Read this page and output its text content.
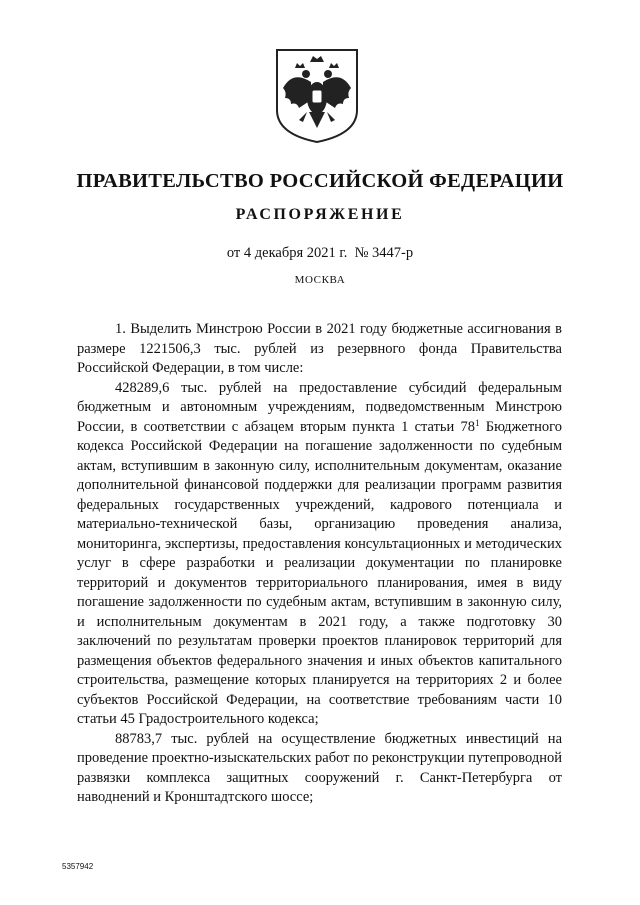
ПРАВИТЕЛЬСТВО РОССИЙСКОЙ ФЕДЕРАЦИИ
РАСПОРЯЖЕНИЕ
от 4 декабря 2021 г. № 3447-р
МОСКВА

1. Выделить Минстрою России в 2021 году бюджетные ассигнования в размере 1221506,3 тыс. рублей из резервного фонда Правительства Российской Федерации, в том числе:

428289,6 тыс. рублей на предоставление субсидий федеральным бюджетным и автономным учреждениям, подведомственным Минстрою России, в соответствии с абзацем вторым пункта 1 статьи $78^1$ Бюджетного кодекса Российской Федерации на погашение задолженности по судебным актам, вступившим в законную силу, исполнительным документам, оказание дополнительной финансовой поддержки для реализации программ развития федеральных государственных учреждений, кадрового потенциала и материально-технической базы, организацию проведения анализа, мониторинга, экспертизы, предоставления консультационных и методических услуг в сфере разработки и реализации документации по планировке территорий и документов территориального планирования, имея в виду погашение задолженности по судебным актам, вступившим в законную силу, и исполнительным документам в 2021 году, а также подготовку 30 заключений по результатам проверки проектов планировок территорий для размещения объектов федерального значения и иных объектов капитального строительства, размещение которых планируется на территориях 2 и более субъектов Российской Федерации, на соответствие требованиям части 10 статьи 45 Градостроительного кодекса;

88783,7 тыс. рублей на осуществление бюджетных инвестиций на проведение проектно-изыскательских работ по реконструкции путепроводной развязки комплекса защитных сооружений г. Санкт-Петербурга от наводнений и Кронштадтского шоссе;

5357942
